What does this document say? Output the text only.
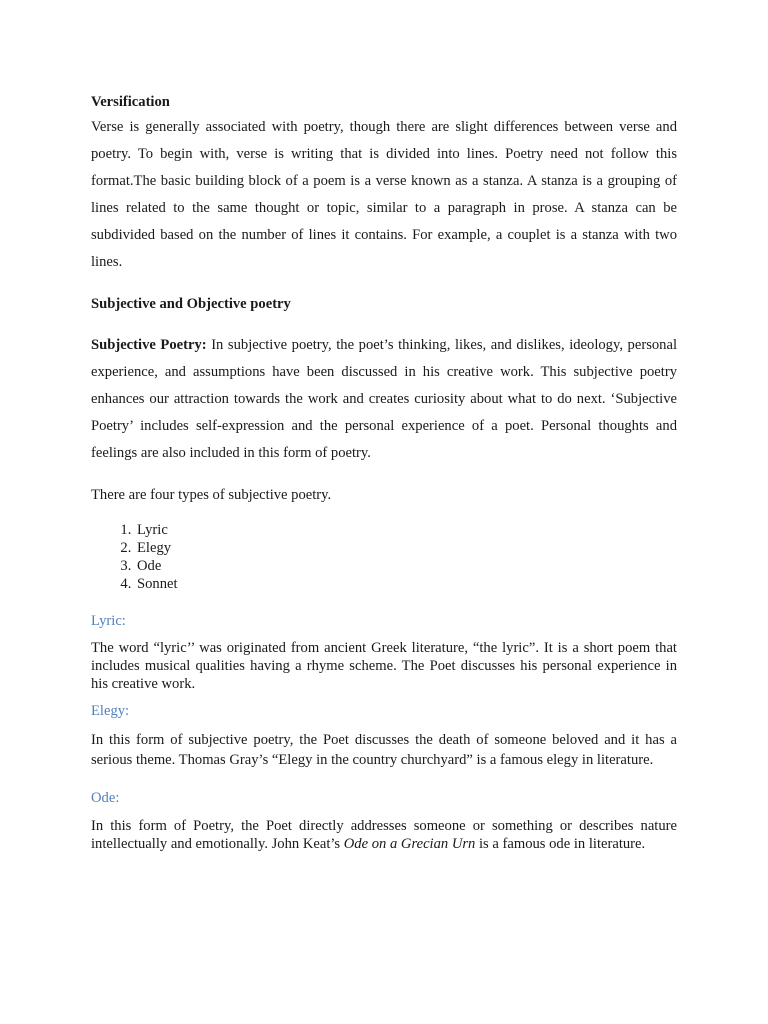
Versification

Verse is generally associated with poetry, though there are slight differences between verse and poetry. To begin with, verse is writing that is divided into lines. Poetry need not follow this format.The basic building block of a poem is a verse known as a stanza. A stanza is a grouping of lines related to the same thought or topic, similar to a paragraph in prose. A stanza can be subdivided based on the number of lines it contains. For example, a couplet is a stanza with two lines.

Subjective and Objective poetry

Subjective Poetry: In subjective poetry, the poet’s thinking, likes, and dislikes, ideology, personal experience, and assumptions have been discussed in his creative work. This subjective poetry enhances our attraction towards the work and creates curiosity about what to do next. ‘Subjective Poetry’ includes self-expression and the personal experience of a poet. Personal thoughts and feelings are also included in this form of poetry.

There are four types of subjective poetry.

1. Lyric
2. Elegy
3. Ode
4. Sonnet

Lyric:

The word “lyric’’ was originated from ancient Greek literature, “the lyric”. It is a short poem that includes musical qualities having a rhyme scheme. The Poet discusses his personal experience in his creative work.

Elegy:

In this form of subjective poetry, the Poet discusses the death of someone beloved and it has a serious theme. Thomas Gray’s “Elegy in the country churchyard” is a famous elegy in literature.

Ode:

In this form of Poetry, the Poet directly addresses someone or something or describes nature intellectually and emotionally. John Keat’s Ode on a Grecian Urn is a famous ode in literature.
